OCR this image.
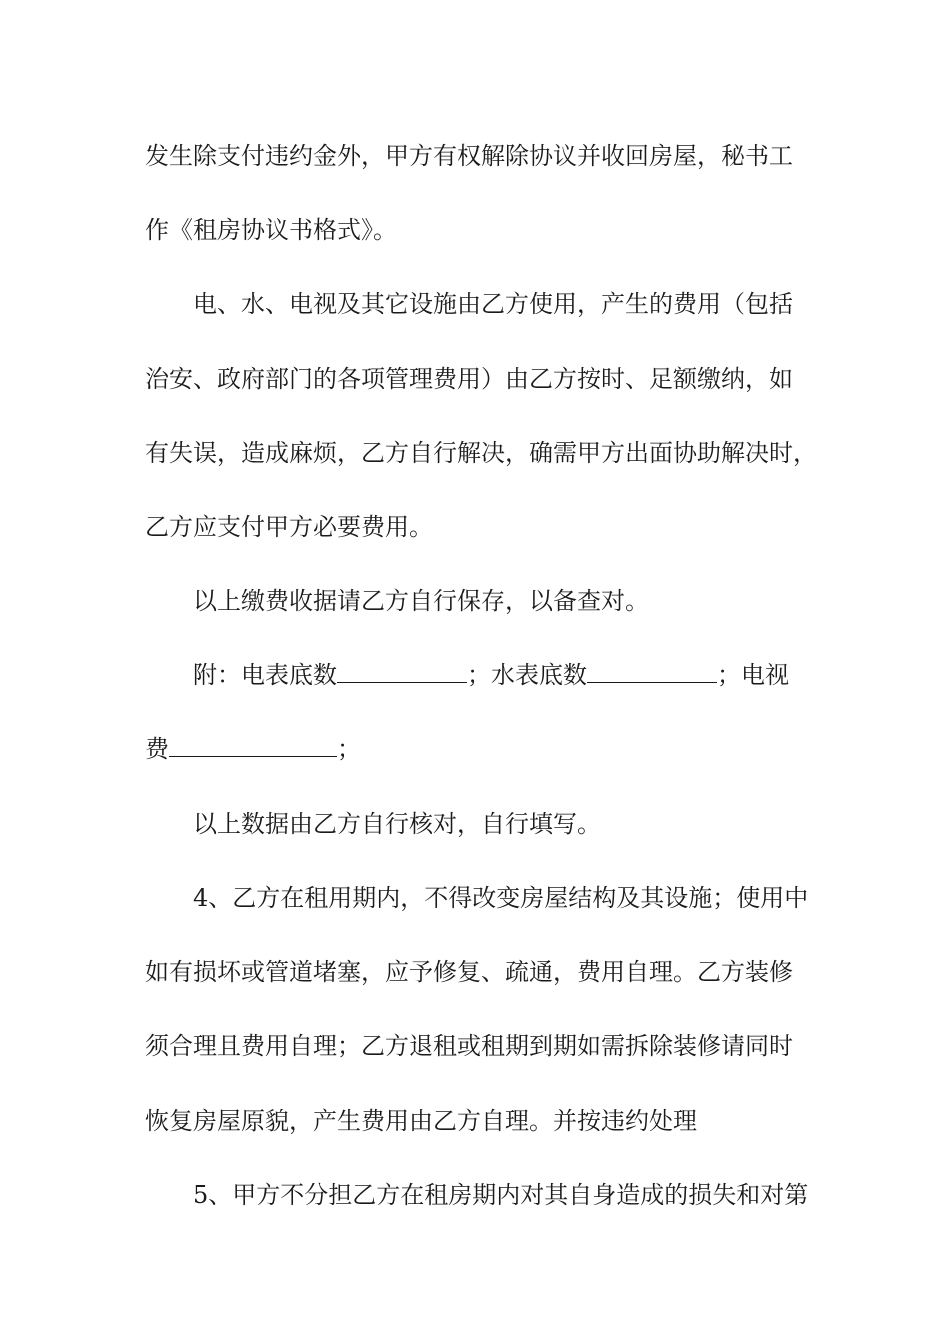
发生除支付违约金外，甲方有权解除协议并收回房屋，秘书工
作《租房协议书格式》。
电、水、电视及其它设施由乙方使用，产生的费用（包括
治安、政府部门的各项管理费用）由乙方按时、足额缴纳，如
有失误，造成麻烦，乙方自行解决，确需甲方出面协助解决时，
乙方应支付甲方必要费用。
以上缴费收据请乙方自行保存，以备查对。
附：电表底数	；水表底数	；电视
费	；
以上数据由乙方自行核对，自行填写。
4、乙方在租用期内，不得改变房屋结构及其设施；使用中
如有损坏或管道堵塞，应予修复、疏通，费用自理。乙方装修
须合理且费用自理；乙方退租或租期到期如需拆除装修请同时
恢复房屋原貌，产生费用由乙方自理。并按违约处理
5、甲方不分担乙方在租房期内对其自身造成的损失和对第
